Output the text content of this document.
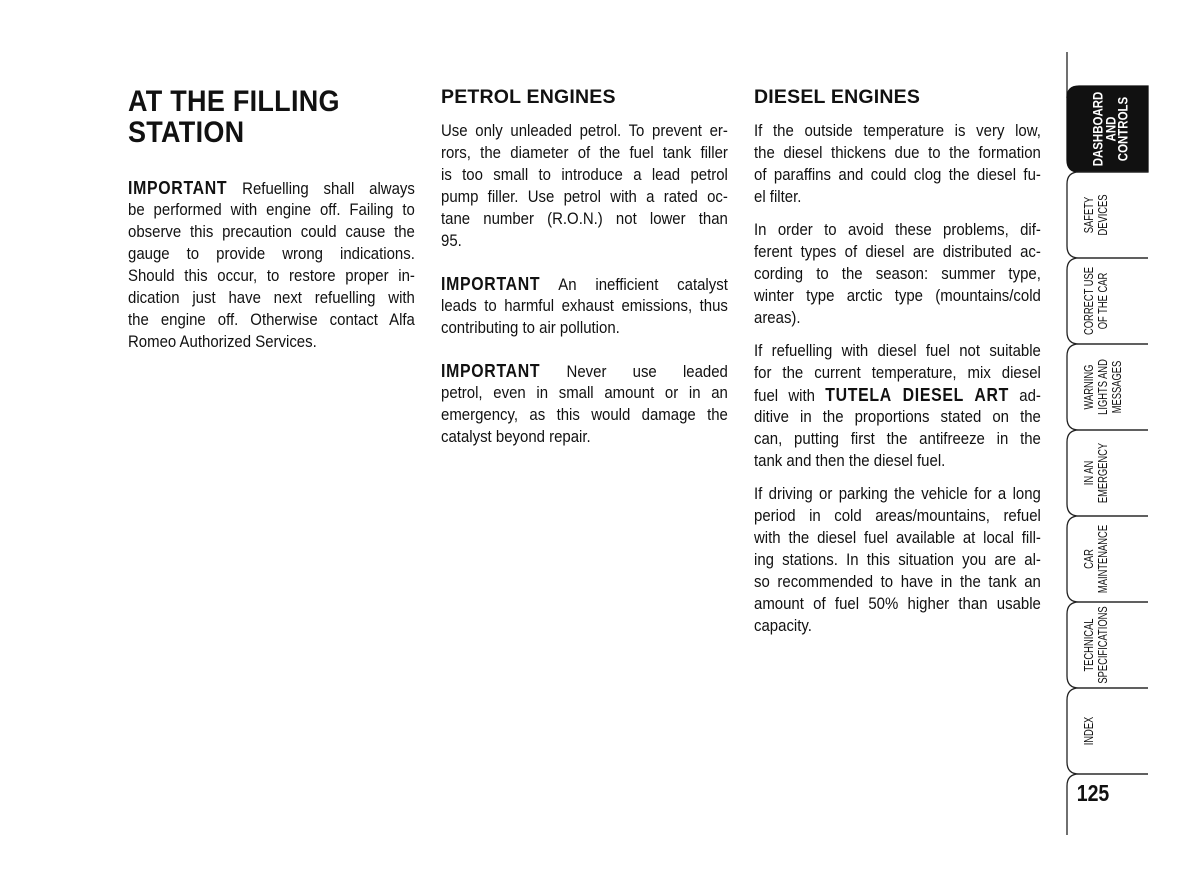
AT THE FILLING
STATION
IMPORTANT Refuelling shall always
be performed with engine off. Failing to
observe this precaution could cause the
gauge to provide wrong indications.
Should this occur, to restore proper in-
dication just have next refuelling with
the engine off. Otherwise contact Alfa
Romeo Authorized Services.
PETROL ENGINES
Use only unleaded petrol. To prevent er-
rors, the diameter of the fuel tank filler
is too small to introduce a lead petrol
pump filler. Use petrol with a rated oc-
tane number (R.O.N.) not lower than
95.
IMPORTANT An inefficient catalyst
leads to harmful exhaust emissions, thus
contributing to air pollution.
IMPORTANT Never use leaded
petrol, even in small amount or in an
emergency, as this would damage the
catalyst beyond repair.
DIESEL ENGINES
If the outside temperature is very low,
the diesel thickens due to the formation
of paraffins and could clog the diesel fu-
el filter.
In order to avoid these problems, dif-
ferent types of diesel are distributed ac-
cording to the season: summer type,
winter type arctic type (mountains/cold
areas).
If refuelling with diesel fuel not suitable
for the current temperature, mix diesel
fuel with TUTELA DIESEL ART ad-
ditive in the proportions stated on the
can, putting first the antifreeze in the
tank and then the diesel fuel.
If driving or parking the vehicle for a long
period in cold areas/mountains, refuel
with the diesel fuel available at local fill-
ing stations. In this situation you are al-
so recommended to have in the tank an
amount of fuel 50% higher than usable
capacity.
DASHBOARD
AND
CONTROLS
SAFETY DEVICES
CORRECT USE OF THE CAR
WARNING LIGHTS AND MESSAGES
IN AN EMERGENCY
CAR MAINTENANCE
TECHNICAL SPECIFICATIONS
INDEX
125
